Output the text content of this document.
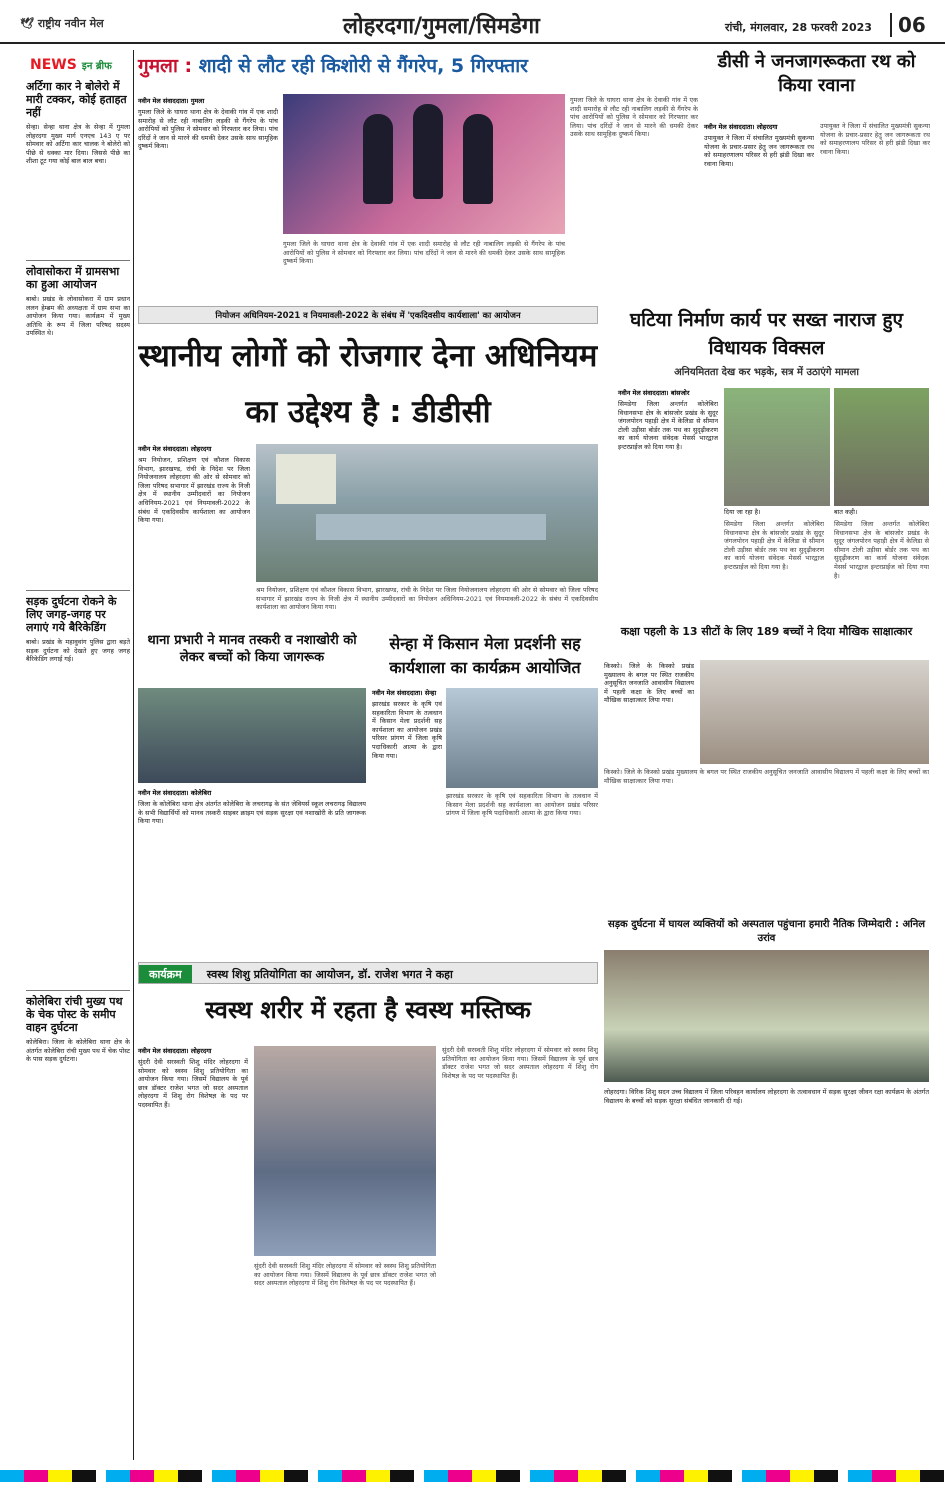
🕊 राष्ट्रीय नवीन मेल	लोहरदगा/गुमला/सिमडेगा	रांची, मंगलवार, 28 फरवरी 2023	06
NEWS इन ब्रीफ
अर्टिगा कार ने बोलेरो में मारी टक्कर, कोई हताहत नहीं
सेन्हा। सेन्हा थाना क्षेत्र के सेन्हा में गुमला लोहरदगा मुख्य मार्ग एनएच 143 ए पर सोमवार को अर्टिगा कार चालक ने बोलेरो को पीछे से धक्का मार दिया। जिससे पीछे का शीशा टूट गया कोई बाल बाल बचा।
लोवासोकरा में ग्रामसभा का हुआ आयोजन
बाबो। प्रखंड के लोवासोकरा में ग्राम प्रधान ललन हेम्ब्रम की अध्यक्षता में ग्राम सभा का आयोजन किया गया। कार्यक्रम में मुख्य अतिथि के रूप में जिला परिषद सदस्य उपस्थित थे।
सड़क दुर्घटना रोकने के लिए जगह-जगह पर लगाएं गये बैरिकेडिंग
बाबो। प्रखंड के महावुवांग पुलिस द्वारा बड़ते सड़क दुर्घटना को देखते हुए जगह जगह बैरिकेडिंग लगाई गई।
कोलेबिरा रांची मुख्य पथ के चेक पोस्ट के समीप वाहन दुर्घटना
कोलेबिरा। जिला के कोलेबिरा थाना क्षेत्र के अंतर्गत कोलेबिरा रांची मुख्य पथ में चेक पोस्ट के पास सड़क दुर्घटना।
गुमला : शादी से लौट रही किशोरी से गैंगरेप, 5 गिरफ्तार
नवीन मेल संवाददाता। गुमला
गुमला जिले के घाघरा थाना क्षेत्र के देवाकी गांव में एक शादी समारोह से लौट रही नाबालिग लड़की से गैंगरेप के पांच आरोपियों को पुलिस ने सोमवार को गिरफ्तार कर लिया। पांच दरिंदों ने जान से मारने की धमकी देकर उसके साथ सामूहिक दुष्कर्म किया।
गुमला जिले के घाघरा थाना क्षेत्र के देवाकी गांव में एक शादी समारोह से लौट रही नाबालिग लड़की से गैंगरेप के पांच आरोपियों को पुलिस ने सोमवार को गिरफ्तार कर लिया। पांच दरिंदों ने जान से मारने की धमकी देकर उसके साथ सामूहिक दुष्कर्म किया।
गुमला जिले के घाघरा थाना क्षेत्र के देवाकी गांव में एक शादी समारोह से लौट रही नाबालिग लड़की से गैंगरेप के पांच आरोपियों को पुलिस ने सोमवार को गिरफ्तार कर लिया। पांच दरिंदों ने जान से मारने की धमकी देकर उसके साथ सामूहिक दुष्कर्म किया।
डीसी ने जनजागरूकता रथ को किया रवाना
नवीन मेल संवाददाता। लोहरदगा
उपायुक्त ने जिला में संचालित मुख्यमंत्री सुकन्या योजना के प्रचार-प्रसार हेतु जन जागरूकता रथ को समाहरणालय परिसर से हरी झंडी दिखा कर रवाना किया।
उपायुक्त ने जिला में संचालित मुख्यमंत्री सुकन्या योजना के प्रचार-प्रसार हेतु जन जागरूकता रथ को समाहरणालय परिसर से हरी झंडी दिखा कर रवाना किया।
नियोजन अधिनियम-2021 व नियमावली-2022 के संबंध में 'एकदिवसीय कार्यशाला' का आयोजन
स्थानीय लोगों को रोजगार देना अधिनियम का उद्देश्य है : डीडीसी
नवीन मेल संवाददाता। लोहरदगा
श्रम नियोजन, प्रशिक्षण एवं कौशल विकास विभाग, झारखण्ड, रांची के निदेश पर जिला नियोजनालय लोहरदगा की ओर से सोमवार को जिला परिषद सभागार में झारखंड राज्य के निजी क्षेत्र में स्थानीय उम्मीदवारों का नियोजन अधिनियम-2021 एवं नियमावली-2022 के संबंध में एकदिवसीय कार्यशाला का आयोजन किया गया।
श्रम नियोजन, प्रशिक्षण एवं कौशल विकास विभाग, झारखण्ड, रांची के निदेश पर जिला नियोजनालय लोहरदगा की ओर से सोमवार को जिला परिषद सभागार में झारखंड राज्य के निजी क्षेत्र में स्थानीय उम्मीदवारों का नियोजन अधिनियम-2021 एवं नियमावली-2022 के संबंध में एकदिवसीय कार्यशाला का आयोजन किया गया।
घटिया निर्माण कार्य पर सख्त नाराज हुए विधायक विक्सल
अनियमितता देख कर भड़के, सत्र में उठाएंगे मामला
नवीन मेल संवाददाता। बांसजोर
सिमडेगा जिला अन्तर्गत कोलेबिरा विधानसभा क्षेत्र के बांसजोर प्रखंड के सुदूर जंगलपोरन पहाड़ी क्षेत्र में केलिडा से सीमान टोली उड़ीसा बोर्डर तक पथ का सुदृढ़ीकरण का कार्य योजना संवेदक मेसर्स भारद्वाज इन्टरप्राईज को दिया गया है।
दिया जा रहा है।	बात कही।
सिमडेगा जिला अन्तर्गत कोलेबिरा विधानसभा क्षेत्र के बांसजोर प्रखंड के सुदूर जंगलपोरन पहाड़ी क्षेत्र में केलिडा से सीमान टोली उड़ीसा बोर्डर तक पथ का सुदृढ़ीकरण का कार्य योजना संवेदक मेसर्स भारद्वाज इन्टरप्राईज को दिया गया है।
सिमडेगा जिला अन्तर्गत कोलेबिरा विधानसभा क्षेत्र के बांसजोर प्रखंड के सुदूर जंगलपोरन पहाड़ी क्षेत्र में केलिडा से सीमान टोली उड़ीसा बोर्डर तक पथ का सुदृढ़ीकरण का कार्य योजना संवेदक मेसर्स भारद्वाज इन्टरप्राईज को दिया गया है।
थाना प्रभारी ने मानव तस्करी व नशाखोरी को लेकर बच्चों को किया जागरूक
नवीन मेल संवाददाता। कोलेबिरा
जिला के कोलेबिरा थाना क्षेत्र अंतर्गत कोलेबिरा के लचरागढ़ के संत जेवियर्स स्कूल लचरागढ़ विद्यालय के सभी विद्यार्थियों को मानव तस्करी साइबर क्राइम एवं सड़क सुरक्षा एवं नशाखोरी के प्रति जागरूक किया गया।
सेन्हा में किसान मेला प्रदर्शनी सह कार्यशाला का कार्यक्रम आयोजित
नवीन मेल संवाददाता। सेन्हा
झारखंड सरकार के कृषि एवं सहकारिता विभाग के तत्वधान में किसान मेला प्रदर्शनी सह कार्यशाला का आयोजन प्रखंड परिसर प्रांगण में जिला कृषि पदाधिकारी आत्मा के द्वारा किया गया।
झारखंड सरकार के कृषि एवं सहकारिता विभाग के तत्वधान में किसान मेला प्रदर्शनी सह कार्यशाला का आयोजन प्रखंड परिसर प्रांगण में जिला कृषि पदाधिकारी आत्मा के द्वारा किया गया।
कक्षा पहली के 13 सीटों के लिए 189 बच्चों ने दिया मौखिक साक्षात्कार
किस्को। जिले के किस्को प्रखंड मुख्यालय के बगल पर स्थित राजकीय अनुसूचित जनजाति आवासीय विद्यालय में पहली कक्षा के लिए बच्चों का मौखिक साक्षात्कार लिया गया।
किस्को। जिले के किस्को प्रखंड मुख्यालय के बगल पर स्थित राजकीय अनुसूचित जनजाति आवासीय विद्यालय में पहली कक्षा के लिए बच्चों का मौखिक साक्षात्कार लिया गया।
सड़क दुर्घटना में घायल व्यक्तियों को अस्पताल पहुंचाना हमारी नैतिक जिम्मेदारी : अनिल उरांव
लोहरदगा। विरिक शिशु सदन उच्च विद्यालय में जिला परिवहन कार्यालय लोहरदगा के तत्वावधान में सड़क सुरक्षा जीवन रक्षा कार्यक्रम के अंतर्गत विद्यालय के बच्चों को सड़क सुरक्षा संबंधित जानकारी दी गई।
कार्यक्रम स्वस्थ शिशु प्रतियोगिता का आयोजन, डॉ. राजेश भगत ने कहा
स्वस्थ शरीर में रहता है स्वस्थ मस्तिष्क
नवीन मेल संवाददाता। लोहरदगा
सुंदरी देवी सरस्वती शिशु मंदिर लोहरदगा में सोमवार को स्वस्थ शिशु प्रतियोगिता का आयोजन किया गया। जिसमें विद्यालय के पूर्व छात्र डॉक्टर राजेश भगत जो सदर अस्पताल लोहरदगा में शिशु रोग विशेषज्ञ के पद पर पदस्थापित हैं।
सुंदरी देवी सरस्वती शिशु मंदिर लोहरदगा में सोमवार को स्वस्थ शिशु प्रतियोगिता का आयोजन किया गया। जिसमें विद्यालय के पूर्व छात्र डॉक्टर राजेश भगत जो सदर अस्पताल लोहरदगा में शिशु रोग विशेषज्ञ के पद पर पदस्थापित हैं।
सुंदरी देवी सरस्वती शिशु मंदिर लोहरदगा में सोमवार को स्वस्थ शिशु प्रतियोगिता का आयोजन किया गया। जिसमें विद्यालय के पूर्व छात्र डॉक्टर राजेश भगत जो सदर अस्पताल लोहरदगा में शिशु रोग विशेषज्ञ के पद पर पदस्थापित हैं।
